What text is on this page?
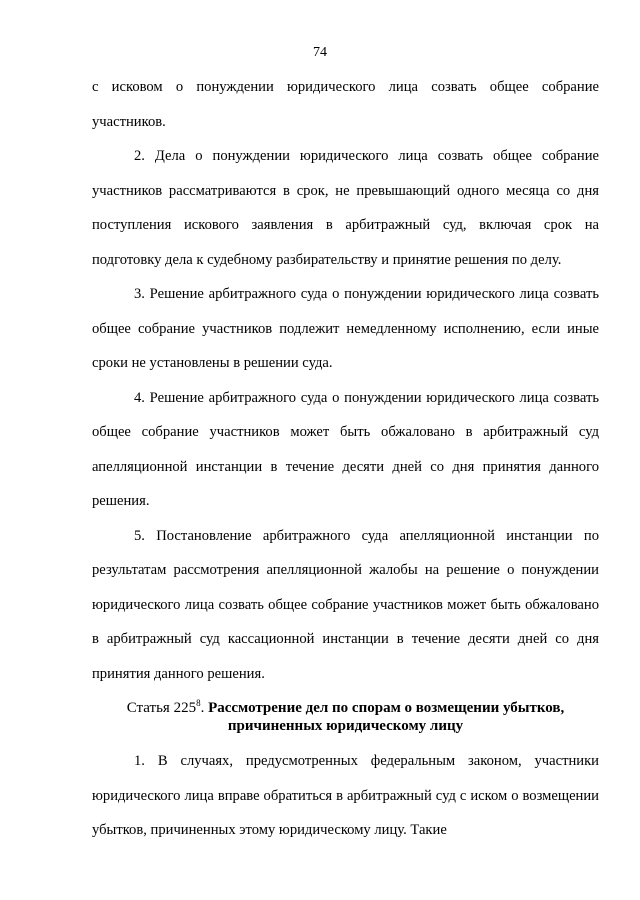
74

с исковом о понуждении юридического лица созвать общее собрание участников.

2. Дела о понуждении юридического лица созвать общее собрание участников рассматриваются в срок, не превышающий одного месяца со дня поступления искового заявления в арбитражный суд, включая срок на подготовку дела к судебному разбирательству и принятие решения по делу.

3. Решение арбитражного суда о понуждении юридического лица созвать общее собрание участников подлежит немедленному исполнению, если иные сроки не установлены в решении суда.

4. Решение арбитражного суда о понуждении юридического лица созвать общее собрание участников может быть обжаловано в арбитражный суд апелляционной инстанции в течение десяти дней со дня принятия данного решения.

5. Постановление арбитражного суда апелляционной инстанции по результатам рассмотрения апелляционной жалобы на решение о понуждении юридического лица созвать общее собрание участников может быть обжаловано в арбитражный суд кассационной инстанции в течение десяти дней со дня принятия данного решения.

Статья $225^8$. Рассмотрение дел по спорам о возмещении убытков,
причиненных юридическому лицу

1. В случаях, предусмотренных федеральным законом, участники юридического лица вправе обратиться в арбитражный суд с иском о возмещении убытков, причиненных этому юридическому лицу. Такие
